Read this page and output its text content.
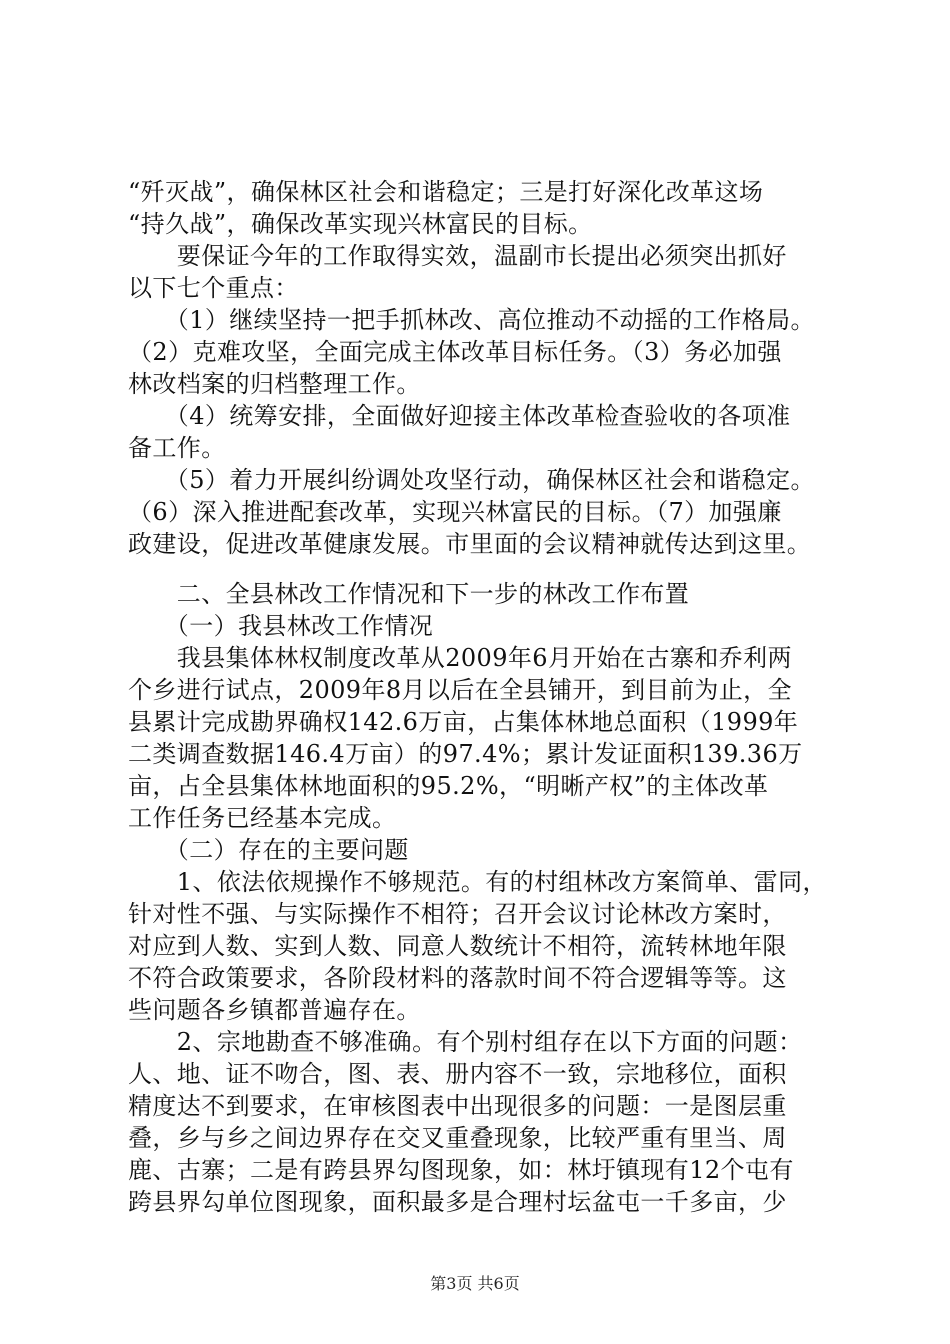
“歼灭战”，确保林区社会和谐稳定；三是打好深化改革这场
“持久战”，确保改革实现兴林富民的目标。
　　要保证今年的工作取得实效，温副市长提出必须突出抓好
以下七个重点：
　　（1）继续坚持一把手抓林改、高位推动不动摇的工作格局。
（2）克难攻坚，全面完成主体改革目标任务。（3）务必加强
林改档案的归档整理工作。
　　（4）统筹安排，全面做好迎接主体改革检查验收的各项准
备工作。
　　（5）着力开展纠纷调处攻坚行动，确保林区社会和谐稳定。
（6）深入推进配套改革，实现兴林富民的目标。（7）加强廉
政建设，促进改革健康发展。市里面的会议精神就传达到这里。
　　二、全县林改工作情况和下一步的林改工作布置
　　（一）我县林改工作情况
　　我县集体林权制度改革从2009年6月开始在古寨和乔利两
个乡进行试点，2009年8月以后在全县铺开，到目前为止，全
县累计完成勘界确权142.6万亩，占集体林地总面积（1999年
二类调查数据146.4万亩）的97.4%；累计发证面积139.36万
亩，占全县集体林地面积的95.2%，“明晰产权”的主体改革
工作任务已经基本完成。
　　（二）存在的主要问题
　　1、依法依规操作不够规范。有的村组林改方案简单、雷同，
针对性不强、与实际操作不相符；召开会议讨论林改方案时，
对应到人数、实到人数、同意人数统计不相符，流转林地年限
不符合政策要求，各阶段材料的落款时间不符合逻辑等等。这
些问题各乡镇都普遍存在。
　　2、宗地勘查不够准确。有个别村组存在以下方面的问题：
人、地、证不吻合，图、表、册内容不一致，宗地移位，面积
精度达不到要求，在审核图表中出现很多的问题：一是图层重
叠，乡与乡之间边界存在交叉重叠现象，比较严重有里当、周
鹿、古寨；二是有跨县界勾图现象，如：林圩镇现有12个屯有
跨县界勾单位图现象，面积最多是合理村坛盆屯一千多亩，少
第3页 共6页
